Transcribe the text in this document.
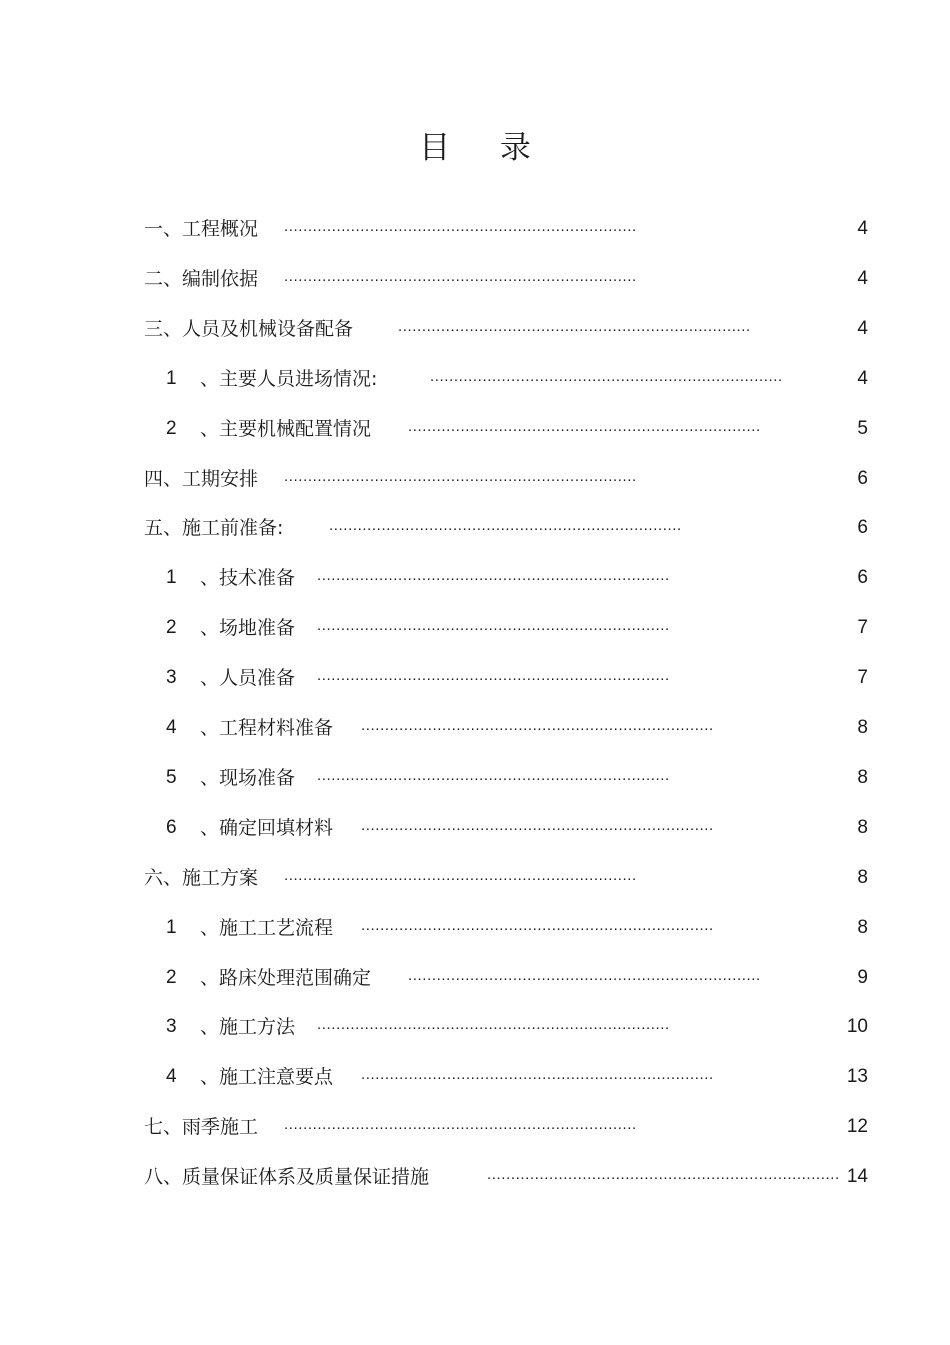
目 录
一、工程概况 ..........................................................................	4
二、编制依据 ..........................................................................	4
三、人员及机械设备配备	..........................................................................	4
1 、主要人员进场情况:	..........................................................................	4
2 、主要机械配置情况 ..........................................................................	5
四、工期安排 ..........................................................................	6
五、施工前准备:	..........................................................................	6
1 、技术准备 ..........................................................................	6
2 、场地准备 ..........................................................................	7
3 、人员准备 ..........................................................................	7
4 、工程材料准备 ..........................................................................	8
5 、现场准备 ..........................................................................	8
6 、确定回填材料 ..........................................................................	8
六、施工方案 ..........................................................................	8
1 、施工工艺流程 ..........................................................................	8
2 、路床处理范围确定 ..........................................................................	9
3 、施工方法 ..........................................................................	10
4 、施工注意要点 ..........................................................................	13
七、雨季施工 ..........................................................................	12
八、质量保证体系及质量保证措施	.......................................................................... 14
